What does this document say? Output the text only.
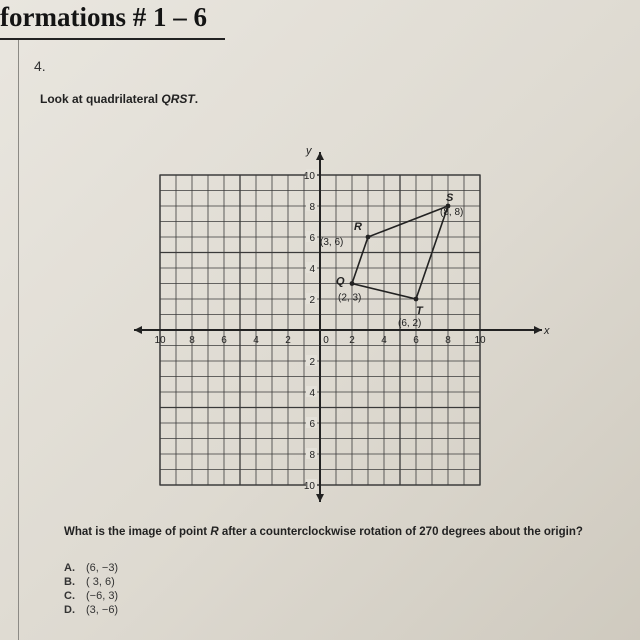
formations # 1 – 6

4.
Look at quadrilateral QRST.
x
y
10 8	6	4	2	0 2	4	6	8 10
10
8
6
4
2
2
4
6
8
10
Q
(2, 3)
R
(3, 6)
S
(8, 8)
T
(6, 2)
What is the image of point R after a counterclockwise rotation of 270 degrees about the origin?
A. (6, −3)
B. ( 3, 6)
C. (−6, 3)
D. (3, −6)
